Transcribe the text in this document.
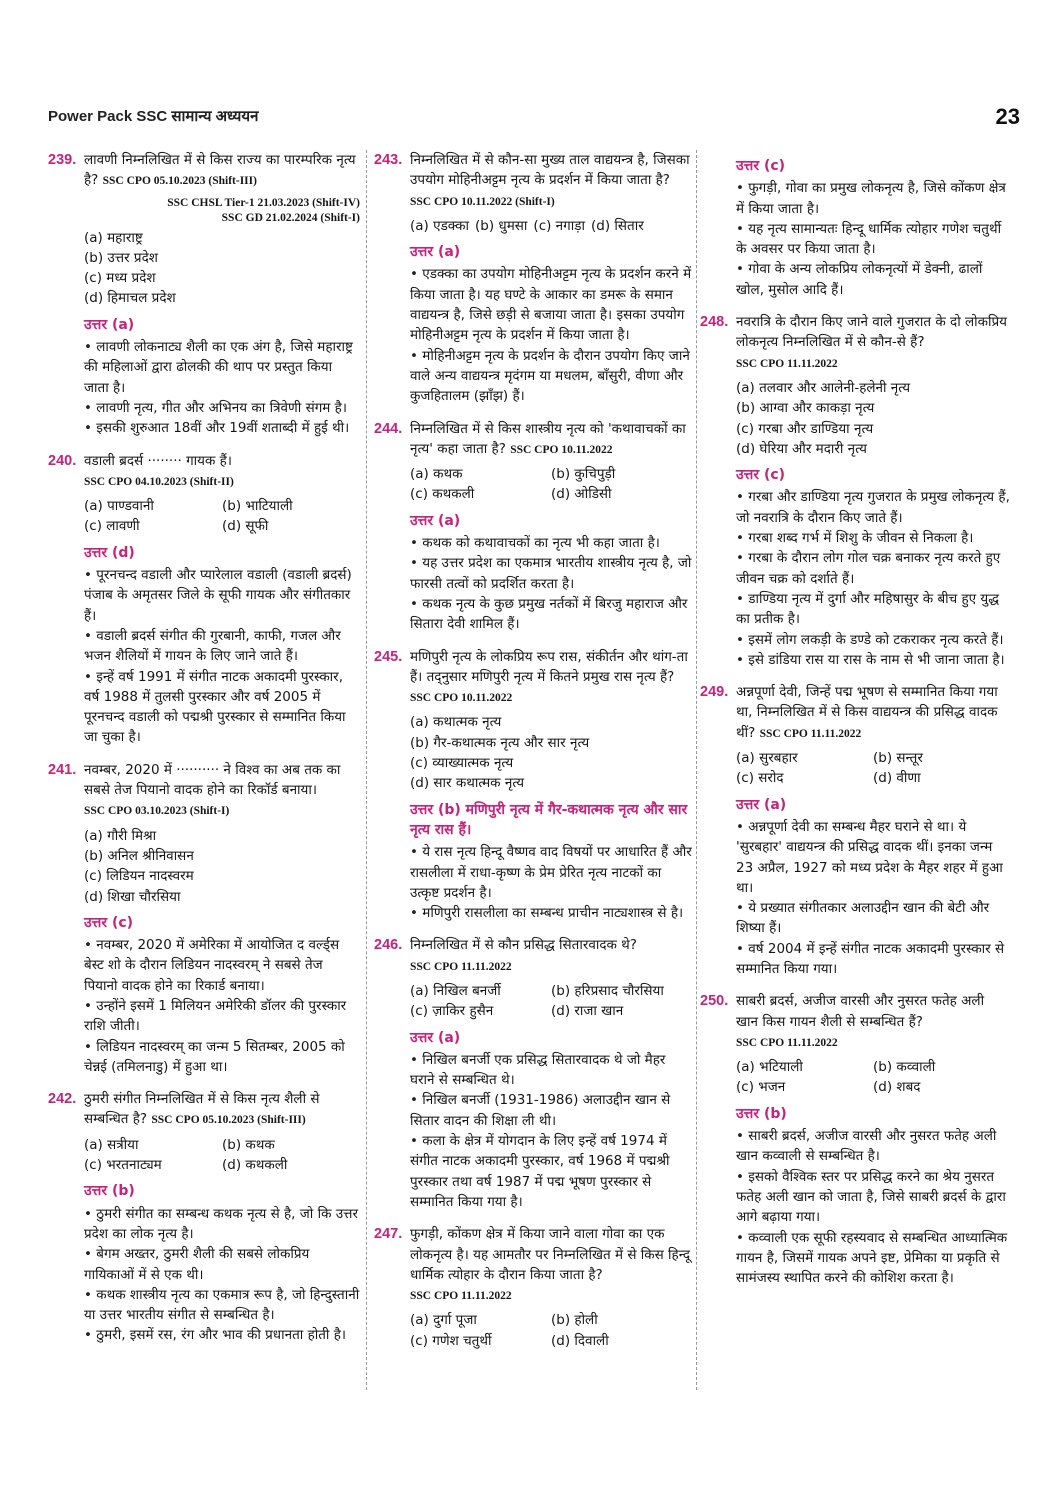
Power Pack SSC सामान्य अध्ययन	23
239. लावणी निम्नलिखित में से किस राज्य का पारम्परिक नृत्य है? SSC CPO 05.10.2023 (Shift-III)
SSC CHSL Tier-1 21.03.2023 (Shift-IV)
SSC GD 21.02.2024 (Shift-I)
(a) महाराष्ट्र
(b) उत्तर प्रदेश
(c) मध्य प्रदेश
(d) हिमाचल प्रदेश
उत्तर (a)

• लावणी लोकनाट्य शैली का एक अंग है, जिसे महाराष्ट्र की महिलाओं द्वारा ढोलकी की थाप पर प्रस्तुत किया जाता है।

• लावणी नृत्य, गीत और अभिनय का त्रिवेणी संगम है।

• इसकी शुरुआत 18वीं और 19वीं शताब्दी में हुई थी।

240. वडाली ब्रदर्स ········ गायक हैं। SSC CPO 04.10.2023 (Shift-II)
(a) पाण्डवानी	(b) भाटियाली
(c) लावणी	(d) सूफी
उत्तर (d)

• पूरनचन्द वडाली और प्यारेलाल वडाली (वडाली ब्रदर्स) पंजाब के अमृतसर जिले के सूफी गायक और संगीतकार हैं।

• वडाली ब्रदर्स संगीत की गुरबानी, काफी, गजल और भजन शैलियों में गायन के लिए जाने जाते हैं।

• इन्हें वर्ष 1991 में संगीत नाटक अकादमी पुरस्कार, वर्ष 1988 में तुलसी पुरस्कार और वर्ष 2005 में पूरनचन्द वडाली को पद्मश्री पुरस्कार से सम्मानित किया जा चुका है।

241. नवम्बर, 2020 में ·········· ने विश्व का अब तक का सबसे तेज पियानो वादक होने का रिकॉर्ड बनाया। SSC CPO 03.10.2023 (Shift-I)
(a) गौरी मिश्रा
(b) अनिल श्रीनिवासन
(c) लिडियन नादस्वरम
(d) शिखा चौरसिया
उत्तर (c)

• नवम्बर, 2020 में अमेरिका में आयोजित द वर्ल्ड्स बेस्ट शो के दौरान लिडियन नादस्वरम् ने सबसे तेज पियानो वादक होने का रिकार्ड बनाया।

• उन्होंने इसमें 1 मिलियन अमेरिकी डॉलर की पुरस्कार राशि जीती।

• लिडियन नादस्वरम् का जन्म 5 सितम्बर, 2005 को चेन्नई (तमिलनाडु) में हुआ था।

242. ठुमरी संगीत निम्नलिखित में से किस नृत्य शैली से सम्बन्धित है? SSC CPO 05.10.2023 (Shift-III)
(a) सत्रीया	(b) कथक
(c) भरतनाट्यम	(d) कथकली
उत्तर (b)

• ठुमरी संगीत का सम्बन्ध कथक नृत्य से है, जो कि उत्तर प्रदेश का लोक नृत्य है।

• बेगम अख्तर, ठुमरी शैली की सबसे लोकप्रिय गायिकाओं में से एक थी।

• कथक शास्त्रीय नृत्य का एकमात्र रूप है, जो हिन्दुस्तानी या उत्तर भारतीय संगीत से सम्बन्धित है।

• ठुमरी, इसमें रस, रंग और भाव की प्रधानता होती है।

243. निम्नलिखित में से कौन-सा मुख्य ताल वाद्ययन्त्र है, जिसका उपयोग मोहिनीअट्टम नृत्य के प्रदर्शन में किया जाता है? SSC CPO 10.11.2022 (Shift-I)
(a) एडक्का (b) धुमसा (c) नगाड़ा (d) सितार
उत्तर (a)

• एडक्का का उपयोग मोहिनीअट्टम नृत्य के प्रदर्शन करने में किया जाता है। यह घण्टे के आकार का डमरू के समान वाद्ययन्त्र है, जिसे छड़ी से बजाया जाता है। इसका उपयोग मोहिनीअट्टम नृत्य के प्रदर्शन में किया जाता है।

• मोहिनीअट्टम नृत्य के प्रदर्शन के दौरान उपयोग किए जाने वाले अन्य वाद्ययन्त्र मृदंगम या मधलम, बाँसुरी, वीणा और कुजहितालम (झाँझ) हैं।

244. निम्नलिखित में से किस शास्त्रीय नृत्य को 'कथावाचकों का नृत्य' कहा जाता है? SSC CPO 10.11.2022
(a) कथक	(b) कुचिपुड़ी
(c) कथकली	(d) ओडिसी
उत्तर (a)

• कथक को कथावाचकों का नृत्य भी कहा जाता है।

• यह उत्तर प्रदेश का एकमात्र भारतीय शास्त्रीय नृत्य है, जो फारसी तत्वों को प्रदर्शित करता है।

• कथक नृत्य के कुछ प्रमुख नर्तकों में बिरजु महाराज और सितारा देवी शामिल हैं।

245. मणिपुरी नृत्य के लोकप्रिय रूप रास, संकीर्तन और थांग-ता हैं। तद्नुसार मणिपुरी नृत्य में कितने प्रमुख रास नृत्य हैं? SSC CPO 10.11.2022
(a) कथात्मक नृत्य
(b) गैर-कथात्मक नृत्य और सार नृत्य
(c) व्याख्यात्मक नृत्य
(d) सार कथात्मक नृत्य
उत्तर (b) मणिपुरी नृत्य में गैर-कथात्मक नृत्य और सार नृत्य रास हैं।

• ये रास नृत्य हिन्दू वैष्णव वाद विषयों पर आधारित हैं और रासलीला में राधा-कृष्ण के प्रेम प्रेरित नृत्य नाटकों का उत्कृष्ट प्रदर्शन है।

• मणिपुरी रासलीला का सम्बन्ध प्राचीन नाट्यशास्त्र से है।

246. निम्नलिखित में से कौन प्रसिद्ध सितारवादक थे? SSC CPO 11.11.2022
(a) निखिल बनर्जी	(b) हरिप्रसाद चौरसिया
(c) ज़ाकिर हुसैन	(d) राजा खान
उत्तर (a)

• निखिल बनर्जी एक प्रसिद्ध सितारवादक थे जो मैहर घराने से सम्बन्धित थे।

• निखिल बनर्जी (1931-1986) अलाउद्दीन खान से सितार वादन की शिक्षा ली थी।

• कला के क्षेत्र में योगदान के लिए इन्हें वर्ष 1974 में संगीत नाटक अकादमी पुरस्कार, वर्ष 1968 में पद्मश्री पुरस्कार तथा वर्ष 1987 में पद्म भूषण पुरस्कार से सम्मानित किया गया है।

247. फुगड़ी, कोंकण क्षेत्र में किया जाने वाला गोवा का एक लोकनृत्य है। यह आमतौर पर निम्नलिखित में से किस हिन्दू धार्मिक त्योहार के दौरान किया जाता है? SSC CPO 11.11.2022
(a) दुर्गा पूजा	(b) होली
(c) गणेश चतुर्थी	(d) दिवाली
उत्तर (c)

• फुगड़ी, गोवा का प्रमुख लोकनृत्य है, जिसे कोंकण क्षेत्र में किया जाता है।

• यह नृत्य सामान्यतः हिन्दू धार्मिक त्योहार गणेश चतुर्थी के अवसर पर किया जाता है।

• गोवा के अन्य लोकप्रिय लोकनृत्यों में डेक्नी, ढालों खोल, मुसोल आदि हैं।

248. नवरात्रि के दौरान किए जाने वाले गुजरात के दो लोकप्रिय लोकनृत्य निम्नलिखित में से कौन-से हैं? SSC CPO 11.11.2022
(a) तलवार और आलेनी-हलेनी नृत्य
(b) आग्वा और काकड़ा नृत्य
(c) गरबा और डाण्डिया नृत्य
(d) घेरिया और मदारी नृत्य
उत्तर (c)

• गरबा और डाण्डिया नृत्य गुजरात के प्रमुख लोकनृत्य हैं, जो नवरात्रि के दौरान किए जाते हैं।

• गरबा शब्द गर्भ में शिशु के जीवन से निकला है।

• गरबा के दौरान लोग गोल चक्र बनाकर नृत्य करते हुए जीवन चक्र को दर्शाते हैं।

• डाण्डिया नृत्य में दुर्गा और महिषासुर के बीच हुए युद्ध का प्रतीक है।

• इसमें लोग लकड़ी के डण्डे को टकराकर नृत्य करते हैं।

• इसे डांडिया रास या रास के नाम से भी जाना जाता है।

249. अन्नपूर्णा देवी, जिन्हें पद्म भूषण से सम्मानित किया गया था, निम्नलिखित में से किस वाद्ययन्त्र की प्रसिद्ध वादक थीं? SSC CPO 11.11.2022
(a) सुरबहार	(b) सन्तूर
(c) सरोद	(d) वीणा
उत्तर (a)

• अन्नपूर्णा देवी का सम्बन्ध मैहर घराने से था। ये 'सुरबहार' वाद्ययन्त्र की प्रसिद्ध वादक थीं। इनका जन्म 23 अप्रैल, 1927 को मध्य प्रदेश के मैहर शहर में हुआ था।

• ये प्रख्यात संगीतकार अलाउद्दीन खान की बेटी और शिष्या हैं।

• वर्ष 2004 में इन्हें संगीत नाटक अकादमी पुरस्कार से सम्मानित किया गया।

250. साबरी ब्रदर्स, अजीज वारसी और नुसरत फतेह अली खान किस गायन शैली से सम्बन्धित हैं? SSC CPO 11.11.2022
(a) भटियाली	(b) कव्वाली
(c) भजन	(d) शबद
उत्तर (b)

• साबरी ब्रदर्स, अजीज वारसी और नुसरत फतेह अली खान कव्वाली से सम्बन्धित है।

• इसको वैश्विक स्तर पर प्रसिद्ध करने का श्रेय नुसरत फतेह अली खान को जाता है, जिसे साबरी ब्रदर्स के द्वारा आगे बढ़ाया गया।

• कव्वाली एक सूफी रहस्यवाद से सम्बन्धित आध्यात्मिक गायन है, जिसमें गायक अपने इष्ट, प्रेमिका या प्रकृति से सामंजस्य स्थापित करने की कोशिश करता है।
